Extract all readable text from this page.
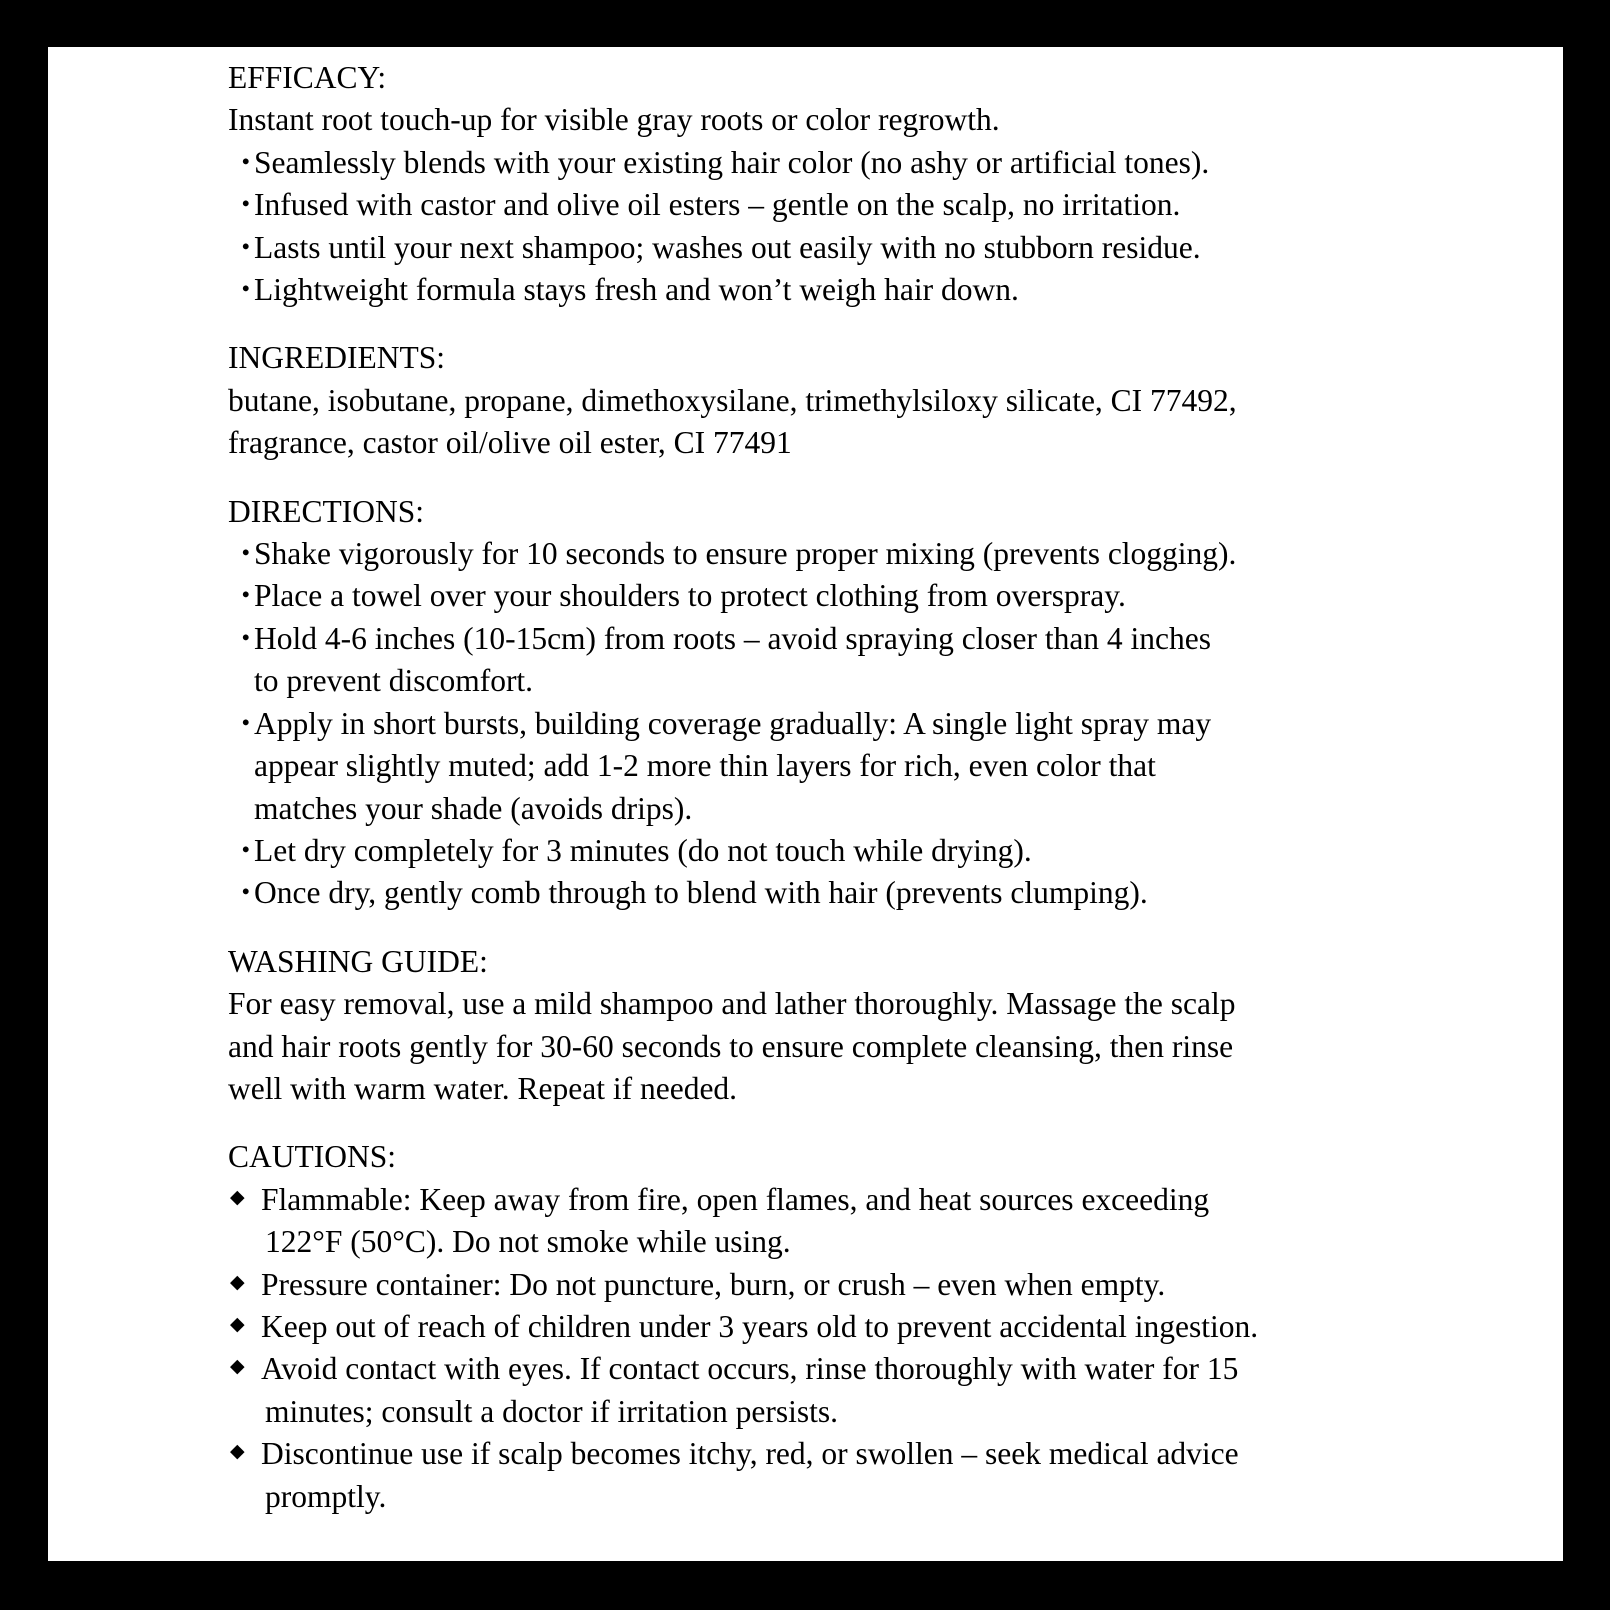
EFFICACY:

Instant root touch-up for visible gray roots or color regrowth.

・
Seamlessly blends with your existing hair color (no ashy or artificial tones).
・
Infused with castor and olive oil esters – gentle on the scalp, no irritation.
・
Lasts until your next shampoo; washes out easily with no stubborn residue.
・
Lightweight formula stays fresh and won’t weigh hair down.

INGREDIENTS:

butane, isobutane, propane, dimethoxysilane, trimethylsiloxy silicate, CI 77492,

fragrance, castor oil/olive oil ester, CI 77491

DIRECTIONS:

・
Shake vigorously for 10 seconds to ensure proper mixing (prevents clogging).
・
Place a towel over your shoulders to protect clothing from overspray.
・
Hold 4-6 inches (10-15cm) from roots – avoid spraying closer than 4 inches
to prevent discomfort.
・
Apply in short bursts, building coverage gradually: A single light spray may
appear slightly muted; add 1-2 more thin layers for rich, even color that
matches your shade (avoids drips).
・
Let dry completely for 3 minutes (do not touch while drying).
・
Once dry, gently comb through to blend with hair (prevents clumping).

WASHING GUIDE:

For easy removal, use a mild shampoo and lather thoroughly. Massage the scalp

and hair roots gently for 30-60 seconds to ensure complete cleansing, then rinse

well with warm water. Repeat if needed.

CAUTIONS:

◆ Flammable: Keep away from fire, open flames, and heat sources exceeding
122°F (50°C). Do not smoke while using.
◆ Pressure container: Do not puncture, burn, or crush – even when empty.
◆ Keep out of reach of children under 3 years old to prevent accidental ingestion.
◆ Avoid contact with eyes. If contact occurs, rinse thoroughly with water for 15
minutes; consult a doctor if irritation persists.
◆ Discontinue use if scalp becomes itchy, red, or swollen – seek medical advice
promptly.
